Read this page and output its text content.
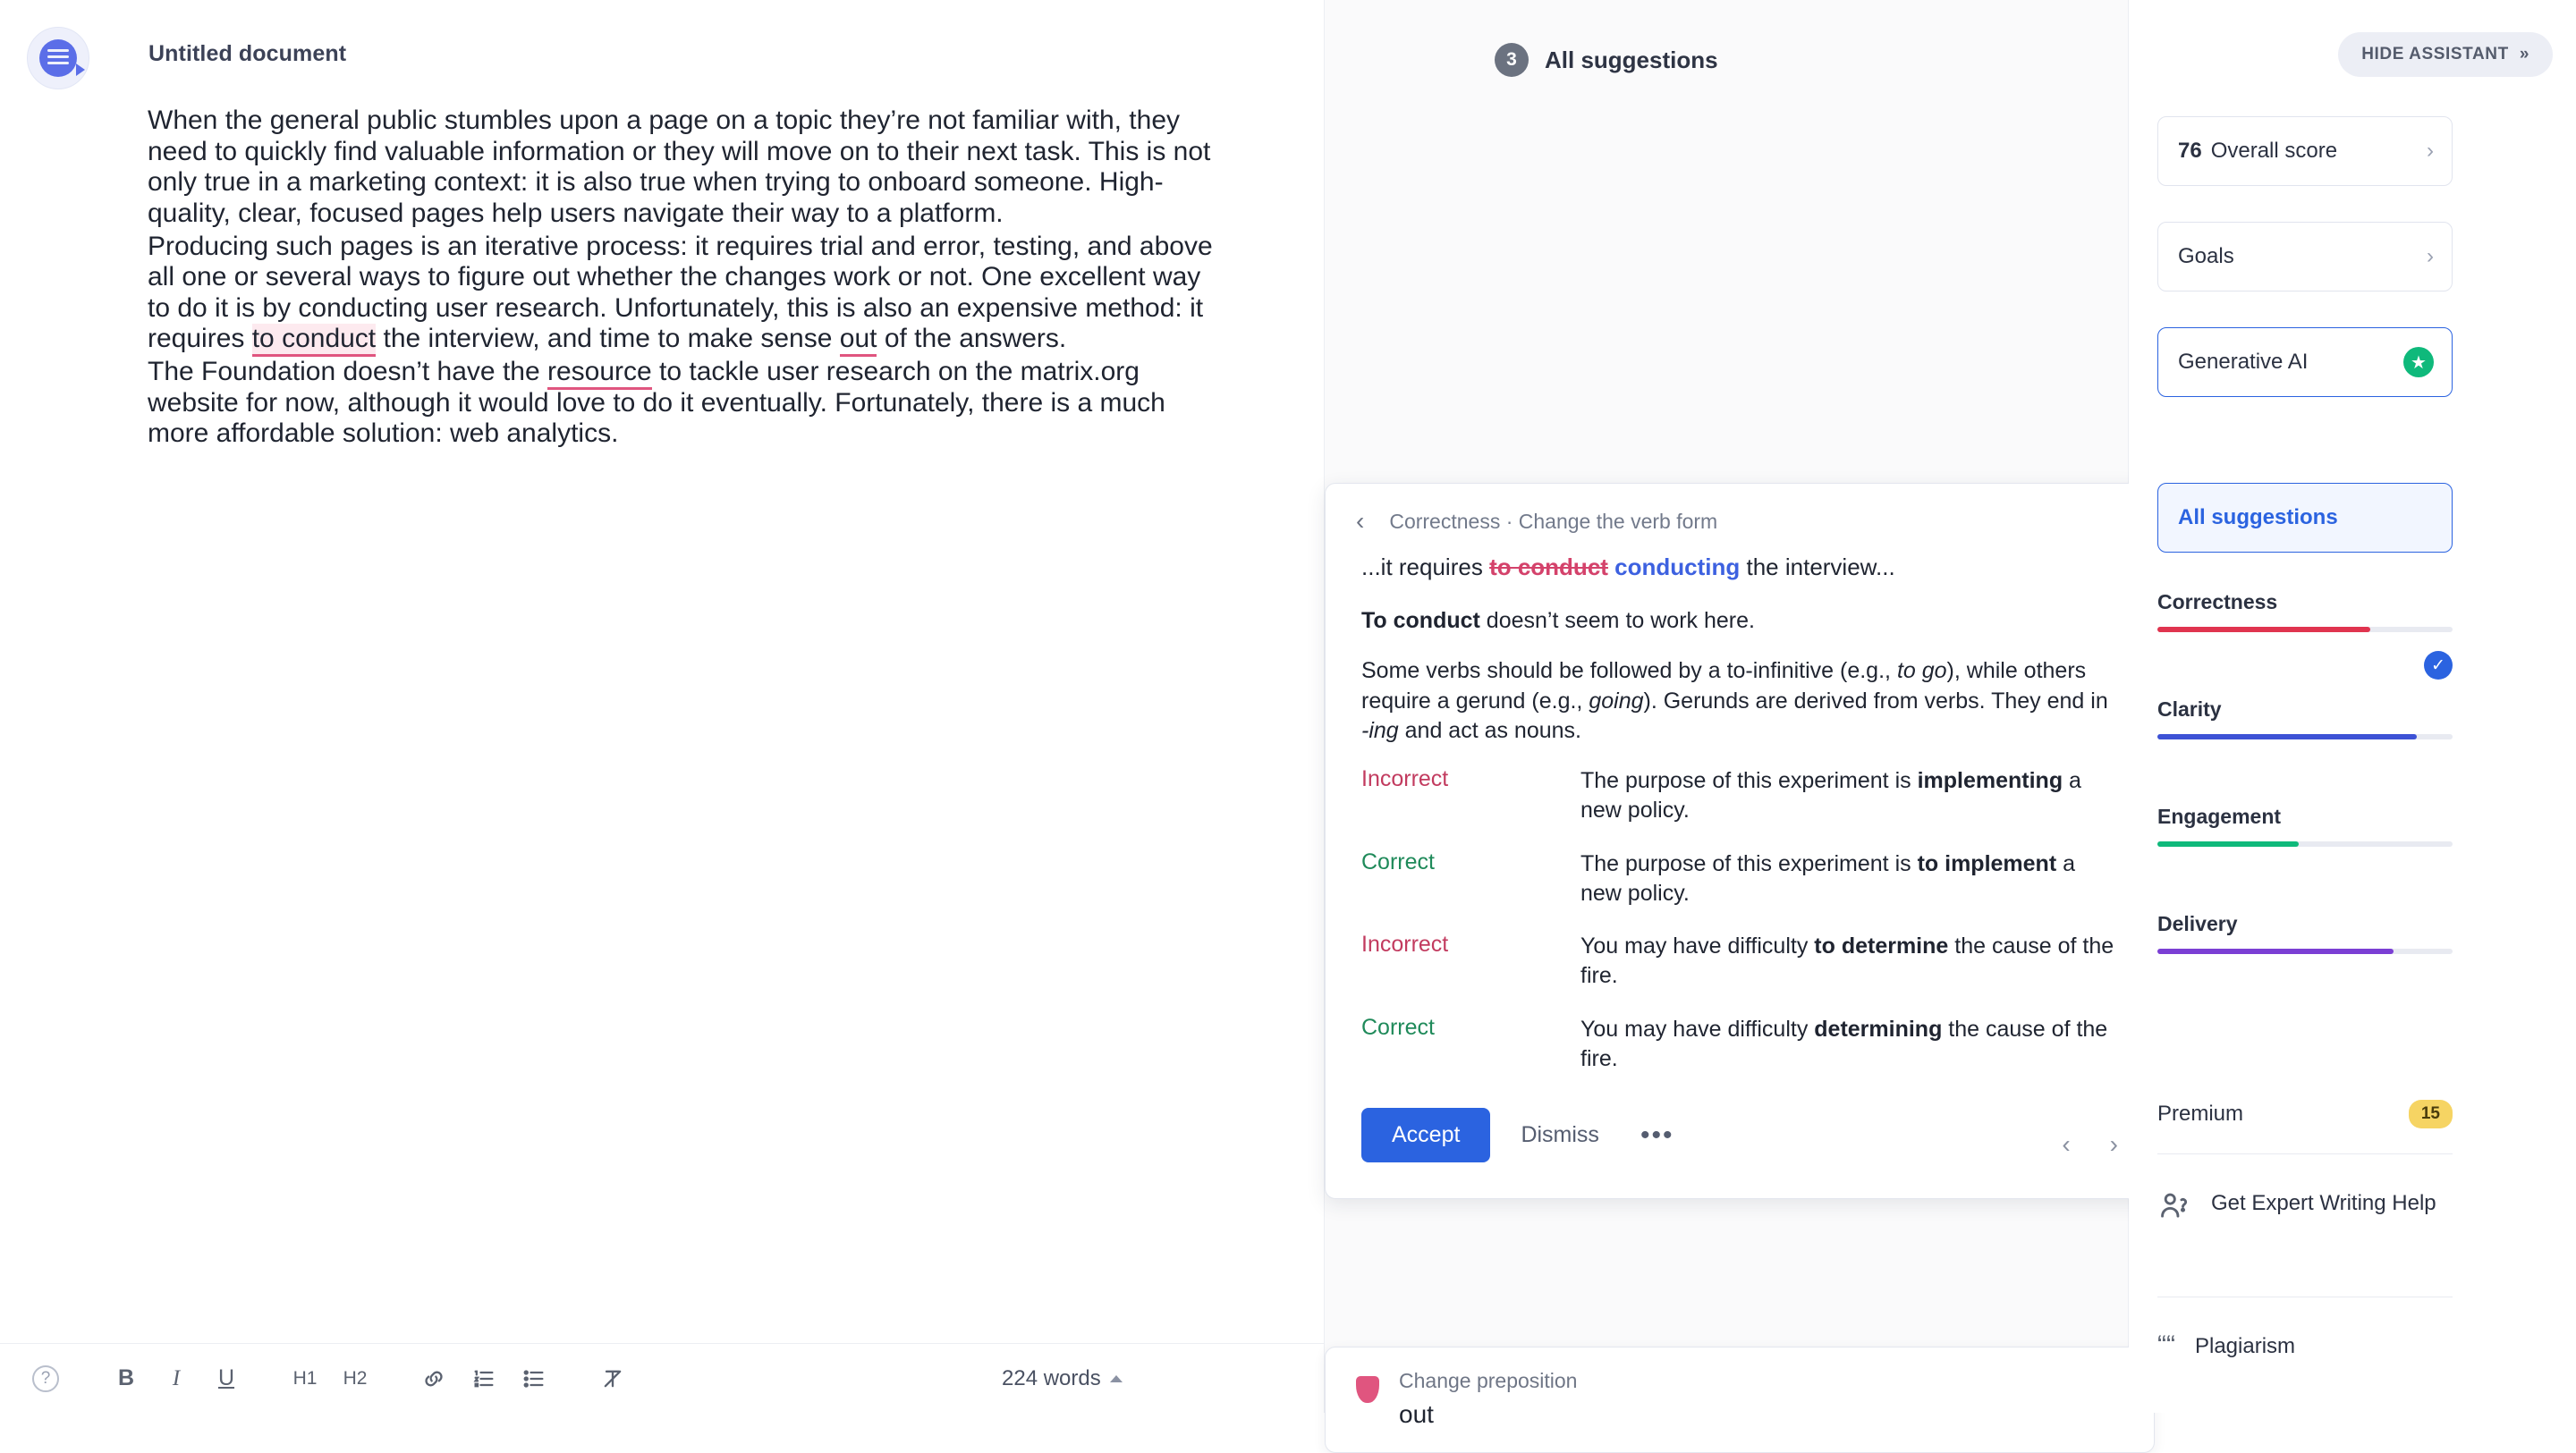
Untitled document

When the general public stumbles upon a page on a topic they’re not familiar with, they need to quickly find valuable information or they will move on to their next task. This is not only true in a marketing context: it is also true when trying to onboard someone. High-quality, clear, focused pages help users navigate their way to a platform.

Producing such pages is an iterative process: it requires trial and error, testing, and above all one or several ways to figure out whether the changes work or not. One excellent way to do it is by conducting user research. Unfortunately, this is also an expensive method: it requires to conduct the interview, and time to make sense out of the answers.

The Foundation doesn’t have the resource to tackle user research on the matrix.org website for now, although it would love to do it eventually. Fortunately, there is a much more affordable solution: web analytics.

?	B	I	U	H1	H2	224 words
3	All suggestions
‹ Correctness · Change the verb form
...it requires to conduct conducting the interview...
To conduct doesn’t seem to work here.
Some verbs should be followed by a to-infinitive (e.g., to go), while others require a gerund (e.g., going). Gerunds are derived from verbs. They end in -ing and act as nouns.
Incorrect	The purpose of this experiment is implementing a new policy.
Correct	The purpose of this experiment is to implement a new policy.
Incorrect	You may have difficulty to determine the cause of the fire.
Correct	You may have difficulty determining the cause of the fire.
Accept	Dismiss •••	‹ ›
Change preposition
out
HIDE ASSISTANT »
76 Overall score	›
Goals	›
Generative AI	★
All suggestions
Correctness
Clarity
✓
Engagement
Delivery
Premium	15
Get Expert Writing Help
““ Plagiarism
